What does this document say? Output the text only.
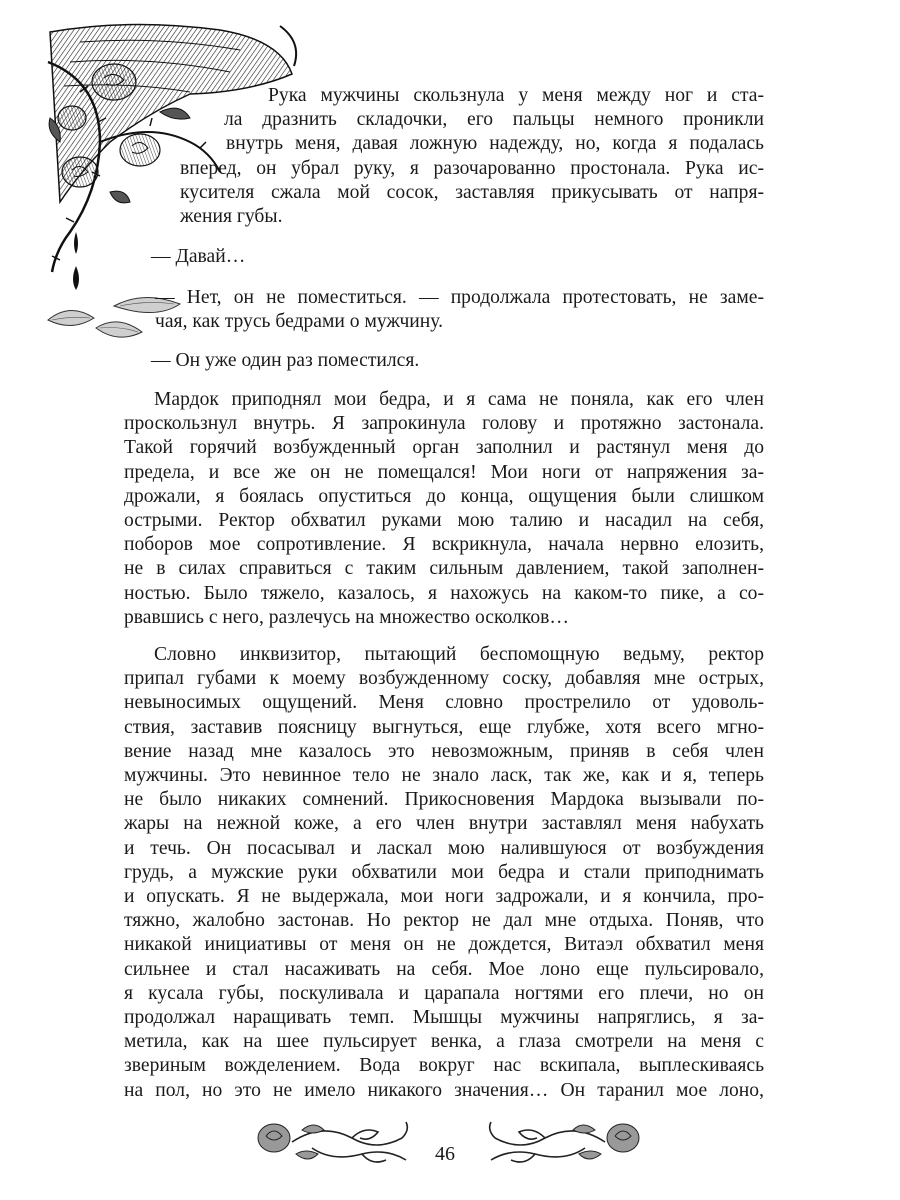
Рука мужчины скользнула у меня между ног и ста-
ла дразнить складочки, его пальцы немного проникли
внутрь меня, давая ложную надежду, но, когда я подалась
вперед, он убрал руку, я разочарованно простонала. Рука ис-
кусителя сжала мой сосок, заставляя прикусывать от напря-
жения губы.
— Давай…
— Нет, он не поместиться. — продолжала протестовать, не заме-
чая, как трусь бедрами о мужчину.
— Он уже один раз поместился.
Мардок приподнял мои бедра, и я сама не поняла, как его член
проскользнул внутрь. Я запрокинула голову и протяжно застонала.
Такой горячий возбужденный орган заполнил и растянул меня до
предела, и все же он не помещался! Мои ноги от напряжения за-
дрожали, я боялась опуститься до конца, ощущения были слишком
острыми. Ректор обхватил руками мою талию и насадил на себя,
поборов мое сопротивление. Я вскрикнула, начала нервно елозить,
не в силах справиться с таким сильным давлением, такой заполнен-
ностью. Было тяжело, казалось, я нахожусь на каком-то пике, а со-
рвавшись с него, разлечусь на множество осколков…
Словно инквизитор, пытающий беспомощную ведьму, ректор
припал губами к моему возбужденному соску, добавляя мне острых,
невыносимых ощущений. Меня словно прострелило от удоволь-
ствия, заставив поясницу выгнуться, еще глубже, хотя всего мгно-
вение назад мне казалось это невозможным, приняв в себя член
мужчины. Это невинное тело не знало ласк, так же, как и я, теперь
не было никаких сомнений. Прикосновения Мардока вызывали по-
жары на нежной коже, а его член внутри заставлял меня набухать
и течь. Он посасывал и ласкал мою налившуюся от возбуждения
грудь, а мужские руки обхватили мои бедра и стали приподнимать
и опускать. Я не выдержала, мои ноги задрожали, и я кончила, про-
тяжно, жалобно застонав. Но ректор не дал мне отдыха. Поняв, что
никакой инициативы от меня он не дождется, Витаэл обхватил меня
сильнее и стал насаживать на себя. Мое лоно еще пульсировало,
я кусала губы, поскуливала и царапала ногтями его плечи, но он
продолжал наращивать темп. Мышцы мужчины напряглись, я за-
метила, как на шее пульсирует венка, а глаза смотрели на меня с
звериным вожделением. Вода вокруг нас вскипала, выплескиваясь
на пол, но это не имело никакого значения… Он таранил мое лоно,
46
